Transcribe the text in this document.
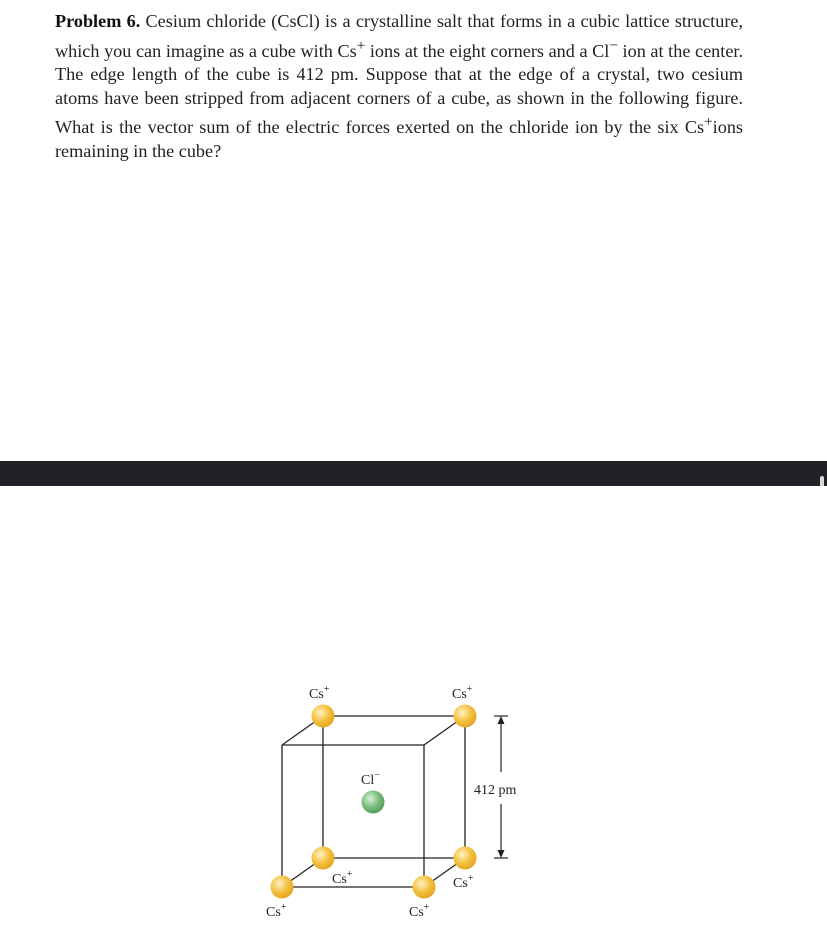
Problem 6. Cesium chloride (CsCl) is a crystalline salt that forms in a cubic lattice structure, which you can imagine as a cube with Cs+ ions at the eight corners and a Cl− ion at the center. The edge length of the cube is 412 pm. Suppose that at the edge of a crystal, two cesium atoms have been stripped from adjacent corners of a cube, as shown in the following figure. What is the vector sum of the electric forces exerted on the chloride ion by the six Cs+ions remaining in the cube?
412 pm
Cs+	Cs+
Cl−
Cs+
Cs+
Cs+	Cs+
